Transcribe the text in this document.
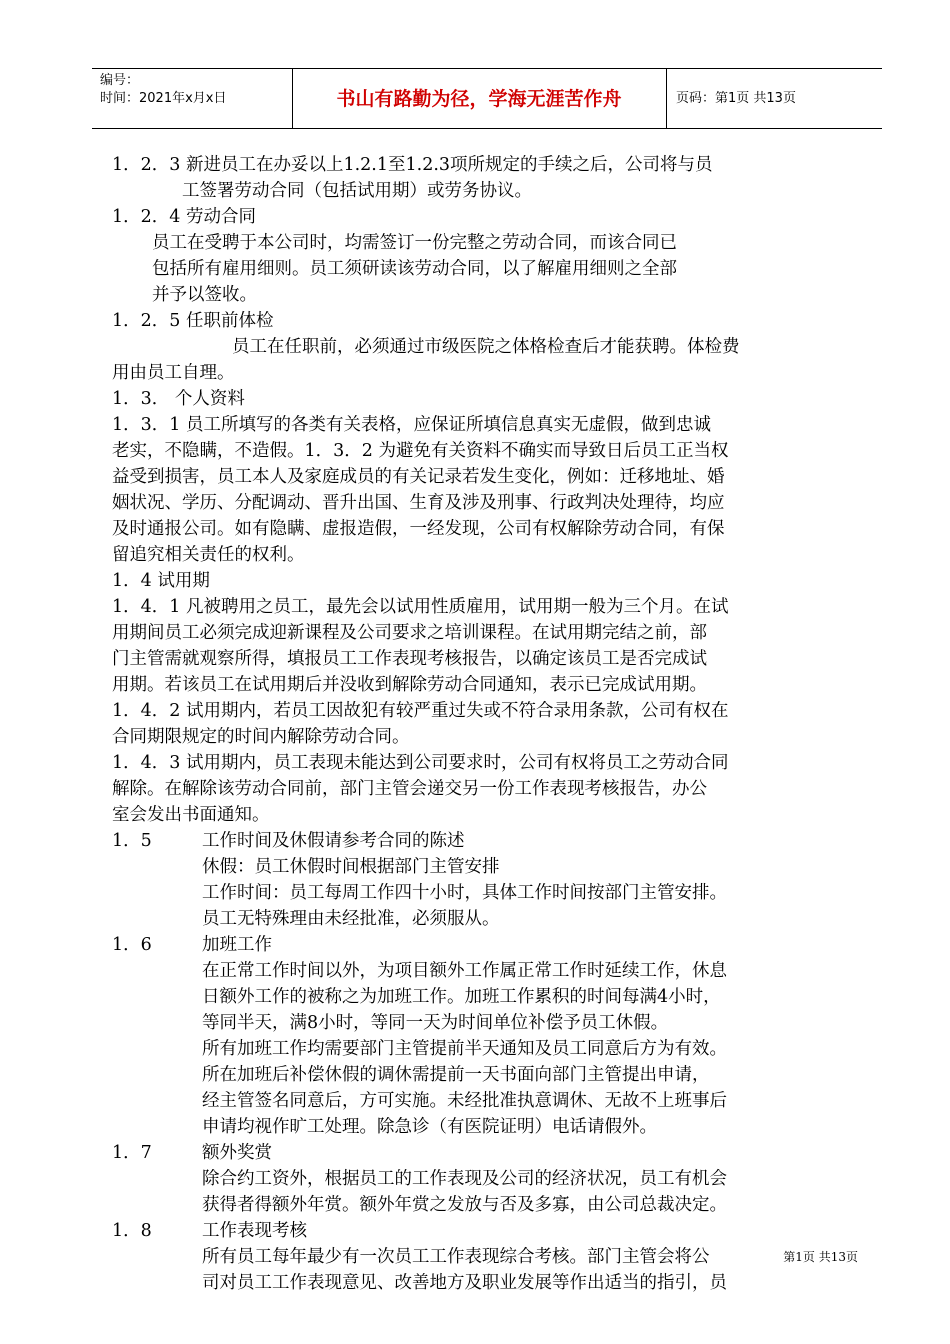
编号：
时间：2021年x月x日	书山有路勤为径，学海无涯苦作舟	页码：第1页 共13页

1．2．3 新进员工在办妥以上1.2.1至1.2.3项所规定的手续之后，公司将与员

工签署劳动合同（包括试用期）或劳务协议。

1．2．4 劳动合同

员工在受聘于本公司时，均需签订一份完整之劳动合同，而该合同已

包括所有雇用细则。员工须研读该劳动合同，以了解雇用细则之全部

并予以签收。

1．2．5 任职前体检

员工在任职前，必须通过市级医院之体格检查后才能获聘。体检费

用由员工自理。

1．3． 个人资料

1．3．1 员工所填写的各类有关表格，应保证所填信息真实无虚假，做到忠诚

老实，不隐瞒，不造假。1．3．2 为避免有关资料不确实而导致日后员工正当权

益受到损害，员工本人及家庭成员的有关记录若发生变化，例如：迁移地址、婚

姻状况、学历、分配调动、晋升出国、生育及涉及刑事、行政判决处理待，均应

及时通报公司。如有隐瞒、虚报造假，一经发现，公司有权解除劳动合同，有保

留追究相关责任的权利。

1．4 试用期

1．4．1 凡被聘用之员工，最先会以试用性质雇用，试用期一般为三个月。在试

用期间员工必须完成迎新课程及公司要求之培训课程。在试用期完结之前，部

门主管需就观察所得，填报员工工作表现考核报告，以确定该员工是否完成试

用期。若该员工在试用期后并没收到解除劳动合同通知，表示已完成试用期。

1．4．2 试用期内，若员工因故犯有较严重过失或不符合录用条款，公司有权在

合同期限规定的时间内解除劳动合同。

1．4．3 试用期内，员工表现未能达到公司要求时，公司有权将员工之劳动合同

解除。在解除该劳动合同前，部门主管会递交另一份工作表现考核报告，办公

室会发出书面通知。

1．5	工作时间及休假请参考合同的陈述

休假：员工休假时间根据部门主管安排

工作时间：员工每周工作四十小时，具体工作时间按部门主管安排。

员工无特殊理由未经批准，必须服从。

1．6	加班工作

在正常工作时间以外，为项目额外工作属正常工作时延续工作，休息

日额外工作的被称之为加班工作。加班工作累积的时间每满4小时，

等同半天，满8小时，等同一天为时间单位补偿予员工休假。

所有加班工作均需要部门主管提前半天通知及员工同意后方为有效。

所在加班后补偿休假的调休需提前一天书面向部门主管提出申请，

经主管签名同意后，方可实施。未经批准执意调休、无故不上班事后

申请均视作旷工处理。除急诊（有医院证明）电话请假外。

1．7	额外奖赏

除合约工资外，根据员工的工作表现及公司的经济状况，员工有机会

获得者得额外年赏。额外年赏之发放与否及多寡，由公司总裁决定。

1．8	工作表现考核

所有员工每年最少有一次员工工作表现综合考核。部门主管会将公

司对员工工作表现意见、改善地方及职业发展等作出适当的指引，员

第1页 共13页
